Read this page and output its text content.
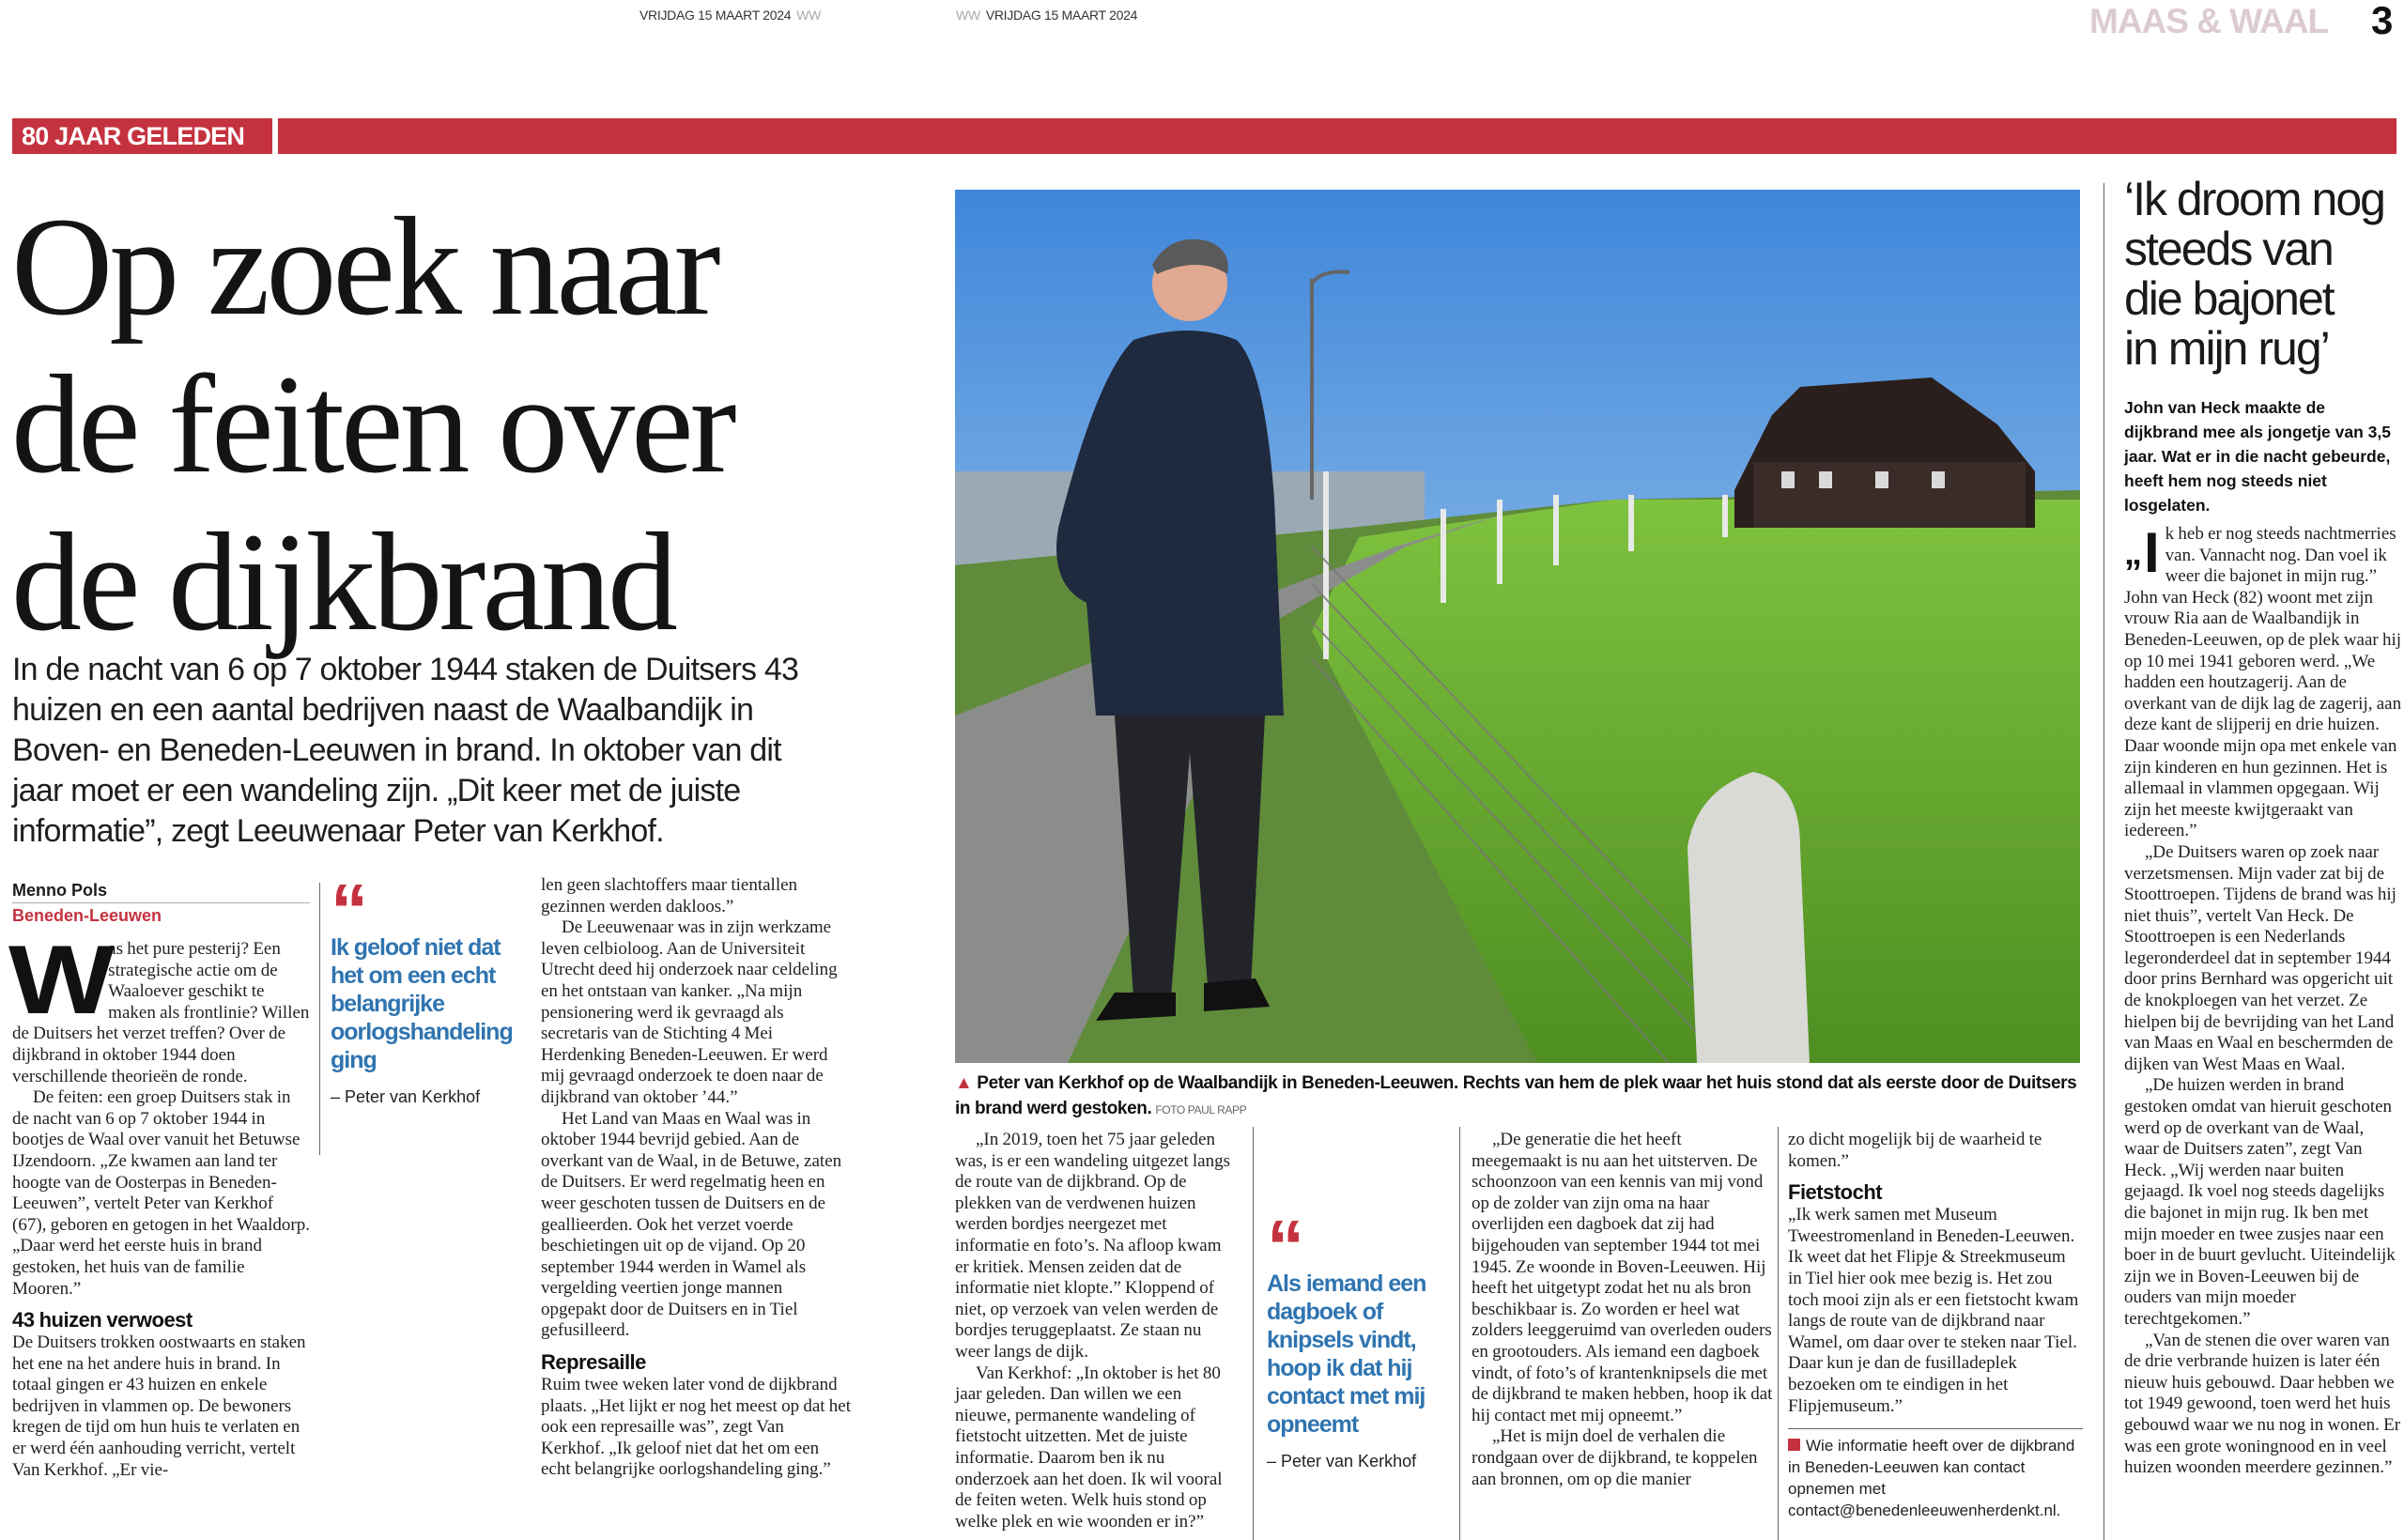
VRIJDAG 15 MAART 2024 WW	WW VRIJDAG 15 MAART 2024	MAAS & WAAL 3
80 JAAR GELEDEN
Op zoek naar
de feiten over
de dijkbrand
In de nacht van 6 op 7 oktober 1944 staken de Duitsers 43 huizen en een aantal bedrijven naast de Waalbandijk in Boven- en Beneden-Leeuwen in brand. In oktober van dit jaar moet er een wandeling zijn. „Dit keer met de juiste informatie”, zegt Leeuwenaar Peter van Kerkhof.
Menno Pols
Beneden-Leeuwen

W
as het pure pesterij? Een strategische actie om de Waaloever geschikt te maken als frontlinie? Willen de Duitsers het verzet treffen? Over de dijkbrand in oktober 1944 doen verschillende theorieën de ronde.

De feiten: een groep Duitsers stak in de nacht van 6 op 7 oktober 1944 in bootjes de Waal over vanuit het Betuwse IJzendoorn. „Ze kwamen aan land ter hoogte van de Oosterpas in Beneden-Leeuwen”, vertelt Peter van Kerkhof (67), geboren en getogen in het Waaldorp. „Daar werd het eerste huis in brand gestoken, het huis van de familie Mooren.”

43 huizen verwoest

De Duitsers trokken oostwaarts en staken het ene na het andere huis in brand. In totaal gingen er 43 huizen en enkele bedrijven in vlammen op. De bewoners kregen de tijd om hun huis te verlaten en er werd één aanhouding verricht, vertelt Van Kerkhof. „Er vie-

“
Ik geloof niet dat het om een echt belangrijke oorlogshandeling ging
– Peter van Kerkhof

len geen slachtoffers maar tientallen gezinnen werden dakloos.”

De Leeuwenaar was in zijn werkzame leven celbioloog. Aan de Universiteit Utrecht deed hij onderzoek naar celdeling en het ontstaan van kanker. „Na mijn pensionering werd ik gevraagd als secretaris van de Stichting 4 Mei Herdenking Beneden-Leeuwen. Er werd mij gevraagd onderzoek te doen naar de dijkbrand van oktober ’44.”

Het Land van Maas en Waal was in oktober 1944 bevrijd gebied. Aan de overkant van de Waal, in de Betuwe, zaten de Duitsers. Er werd regelmatig heen en weer geschoten tussen de Duitsers en de geallieerden. Ook het verzet voerde beschietingen uit op de vijand. Op 20 september 1944 werden in Wamel als vergelding veertien jonge mannen opgepakt door de Duitsers en in Tiel gefusilleerd.

Represaille

Ruim twee weken later vond de dijkbrand plaats. „Het lijkt er nog het meest op dat het ook een represaille was”, zegt Van Kerkhof. „Ik geloof niet dat het om een echt belangrijke oorlogshandeling ging.”

▲ Peter van Kerkhof op de Waalbandijk in Beneden-Leeuwen. Rechts van hem de plek waar het huis stond dat als eerste door de Duitsers in brand werd gestoken. FOTO PAUL RAPP

„In 2019, toen het 75 jaar geleden was, is er een wandeling uitgezet langs de route van de dijkbrand. Op de plekken van de verdwenen huizen werden bordjes neergezet met informatie en foto’s. Na afloop kwam er kritiek. Mensen zeiden dat de informatie niet klopte.” Kloppend of niet, op verzoek van velen werden de bordjes teruggeplaatst. Ze staan nu weer langs de dijk.

Van Kerkhof: „In oktober is het 80 jaar geleden. Dan willen we een nieuwe, permanente wandeling of fietstocht uitzetten. Met de juiste informatie. Daarom ben ik nu onderzoek aan het doen. Ik wil vooral de feiten weten. Welk huis stond op welke plek en wie woonden er in?”

“
Als iemand een dagboek of knipsels vindt, hoop ik dat hij contact met mij opneemt
– Peter van Kerkhof

„De generatie die het heeft meegemaakt is nu aan het uitsterven. De schoonzoon van een kennis van mij vond op de zolder van zijn oma na haar overlijden een dagboek dat zij had bijgehouden van september 1944 tot mei 1945. Ze woonde in Boven-Leeuwen. Hij heeft het uitgetypt zodat het nu als bron beschikbaar is. Zo worden er heel wat zolders leeggeruimd van overleden ouders en grootouders. Als iemand een dagboek vindt, of foto’s of krantenknipsels die met de dijkbrand te maken hebben, hoop ik dat hij contact met mij opneemt.”

„Het is mijn doel de verhalen die rondgaan over de dijkbrand, te koppelen aan bronnen, om op die manier

zo dicht mogelijk bij de waarheid te komen.”

Fietstocht

„Ik werk samen met Museum Tweestromenland in Beneden-Leeuwen. Ik weet dat het Flipje & Streekmuseum in Tiel hier ook mee bezig is. Het zou toch mooi zijn als er een fietstocht kwam langs de route van de dijkbrand naar Wamel, om daar over te steken naar Tiel. Daar kun je dan de fusilladeplek bezoeken om te eindigen in het Flipjemuseum.”

Wie informatie heeft over de dijkbrand in Beneden-Leeuwen kan contact opnemen met contact@benedenleeuwenherdenkt.nl.
‘Ik droom nog
steeds van
die bajonet
in mijn rug’
John van Heck maakte de dijkbrand mee als jongetje van 3,5 jaar. Wat er in die nacht gebeurde, heeft hem nog steeds niet losgelaten.

„I k heb er nog steeds nachtmerries van. Vannacht nog. Dan voel ik weer die bajonet in mijn rug.” John van Heck (82) woont met zijn vrouw Ria aan de Waalbandijk in Beneden-Leeuwen, op de plek waar hij op 10 mei 1941 geboren werd. „We hadden een houtzagerij. Aan de overkant van de dijk lag de zagerij, aan deze kant de slijperij en drie huizen. Daar woonde mijn opa met enkele van zijn kinderen en hun gezinnen. Het is allemaal in vlammen opgegaan. Wij zijn het meeste kwijtgeraakt van iedereen.”

„De Duitsers waren op zoek naar verzetsmensen. Mijn vader zat bij de Stoottroepen. Tijdens de brand was hij niet thuis”, vertelt Van Heck. De Stoottroepen is een Nederlands legeronderdeel dat in september 1944 door prins Bernhard was opgericht uit de knokploegen van het verzet. Ze hielpen bij de bevrijding van het Land van Maas en Waal en beschermden de dijken van West Maas en Waal.

„De huizen werden in brand gestoken omdat van hieruit geschoten werd op de overkant van de Waal, waar de Duitsers zaten”, zegt Van Heck. „Wij werden naar buiten gejaagd. Ik voel nog steeds dagelijks die bajonet in mijn rug. Ik ben met mijn moeder en twee zusjes naar een boer in de buurt gevlucht. Uiteindelijk zijn we in Boven-Leeuwen bij de ouders van mijn moeder terechtgekomen.”

„Van de stenen die over waren van de drie verbrande huizen is later één nieuw huis gebouwd. Daar hebben we tot 1949 gewoond, toen werd het huis gebouwd waar we nu nog in wonen. Er was een grote woningnood en in veel huizen woonden meerdere gezinnen.”
